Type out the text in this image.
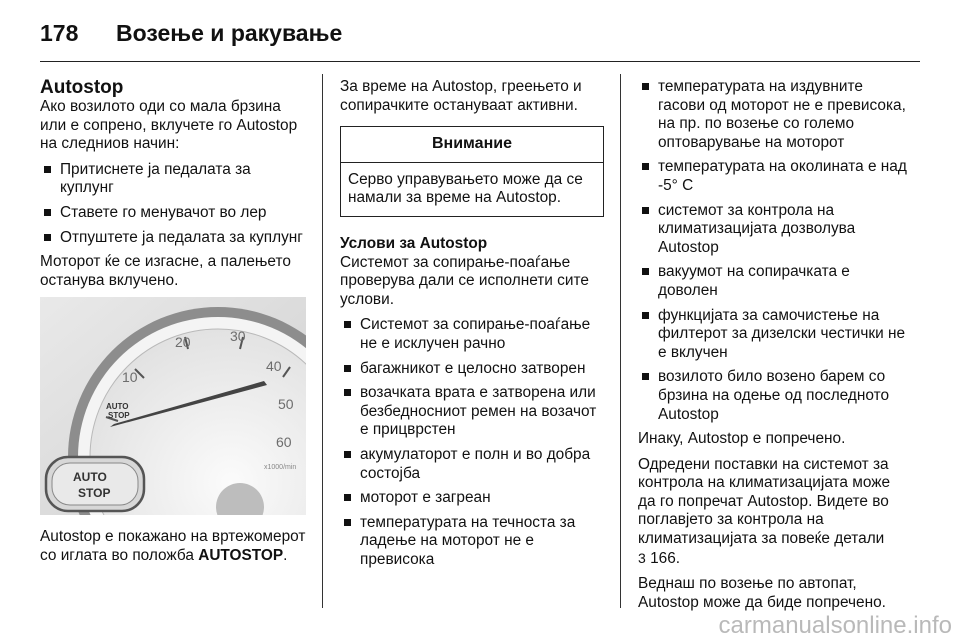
178 Возење и ракување
Autostop

Ако возилото оди со мала брзина или е сопрено, вклучете го Autostop на следниов начин:

Притиснете ја педалата за куплунг
Ставете го менувачот во лер
Отпуштете ја педалата за куплунг

Моторот ќе се изгасне, а палењето останува вклучено.

10
20	30
40
50
60
x1000/min
AUTO
STOP
AUTO
STOP

Autostop е покажано на вртежомерот со иглата во положба AUTOSTOP.

За време на Autostop, греењето и сопирачките остануваат активни.

Внимание
Серво управувањето може да се намали за време на Autostop.
Услови за Autostop

Системот за сопирање-поаѓање проверува дали се исполнети сите услови.

Системот за сопирање-поаѓање не е исклучен рачно
багажникот е целосно затворен
возачката врата е затворена или безбедносниот ремен на возачот е прицврстен
акумулаторот е полн и во добра состојба
моторот е загреан
температурата на течноста за ладење на моторот не е превисока
температурата на издувните гасови од моторот не е превисока, на пр. по возење со големо оптоварување на моторот
температурата на околината е над -5° C
системот за контрола на климатизацијата дозволува Autostop
вакуумот на сопирачката е доволен
функцијата за самочистење на филтерот за дизелски честички не е вклучен
возилото било возено барем со брзина на одење од последното Autostop

Инаку, Autostop е попречено.

Одредени поставки на системот за контрола на климатизацијата може да го попречат Autostop. Видете во поглавјето за контрола на климатизацијата за повеќе детали
3 166.

Веднаш по возење по автопат, Autostop може да биде попречено.

carmanualsonline.info
